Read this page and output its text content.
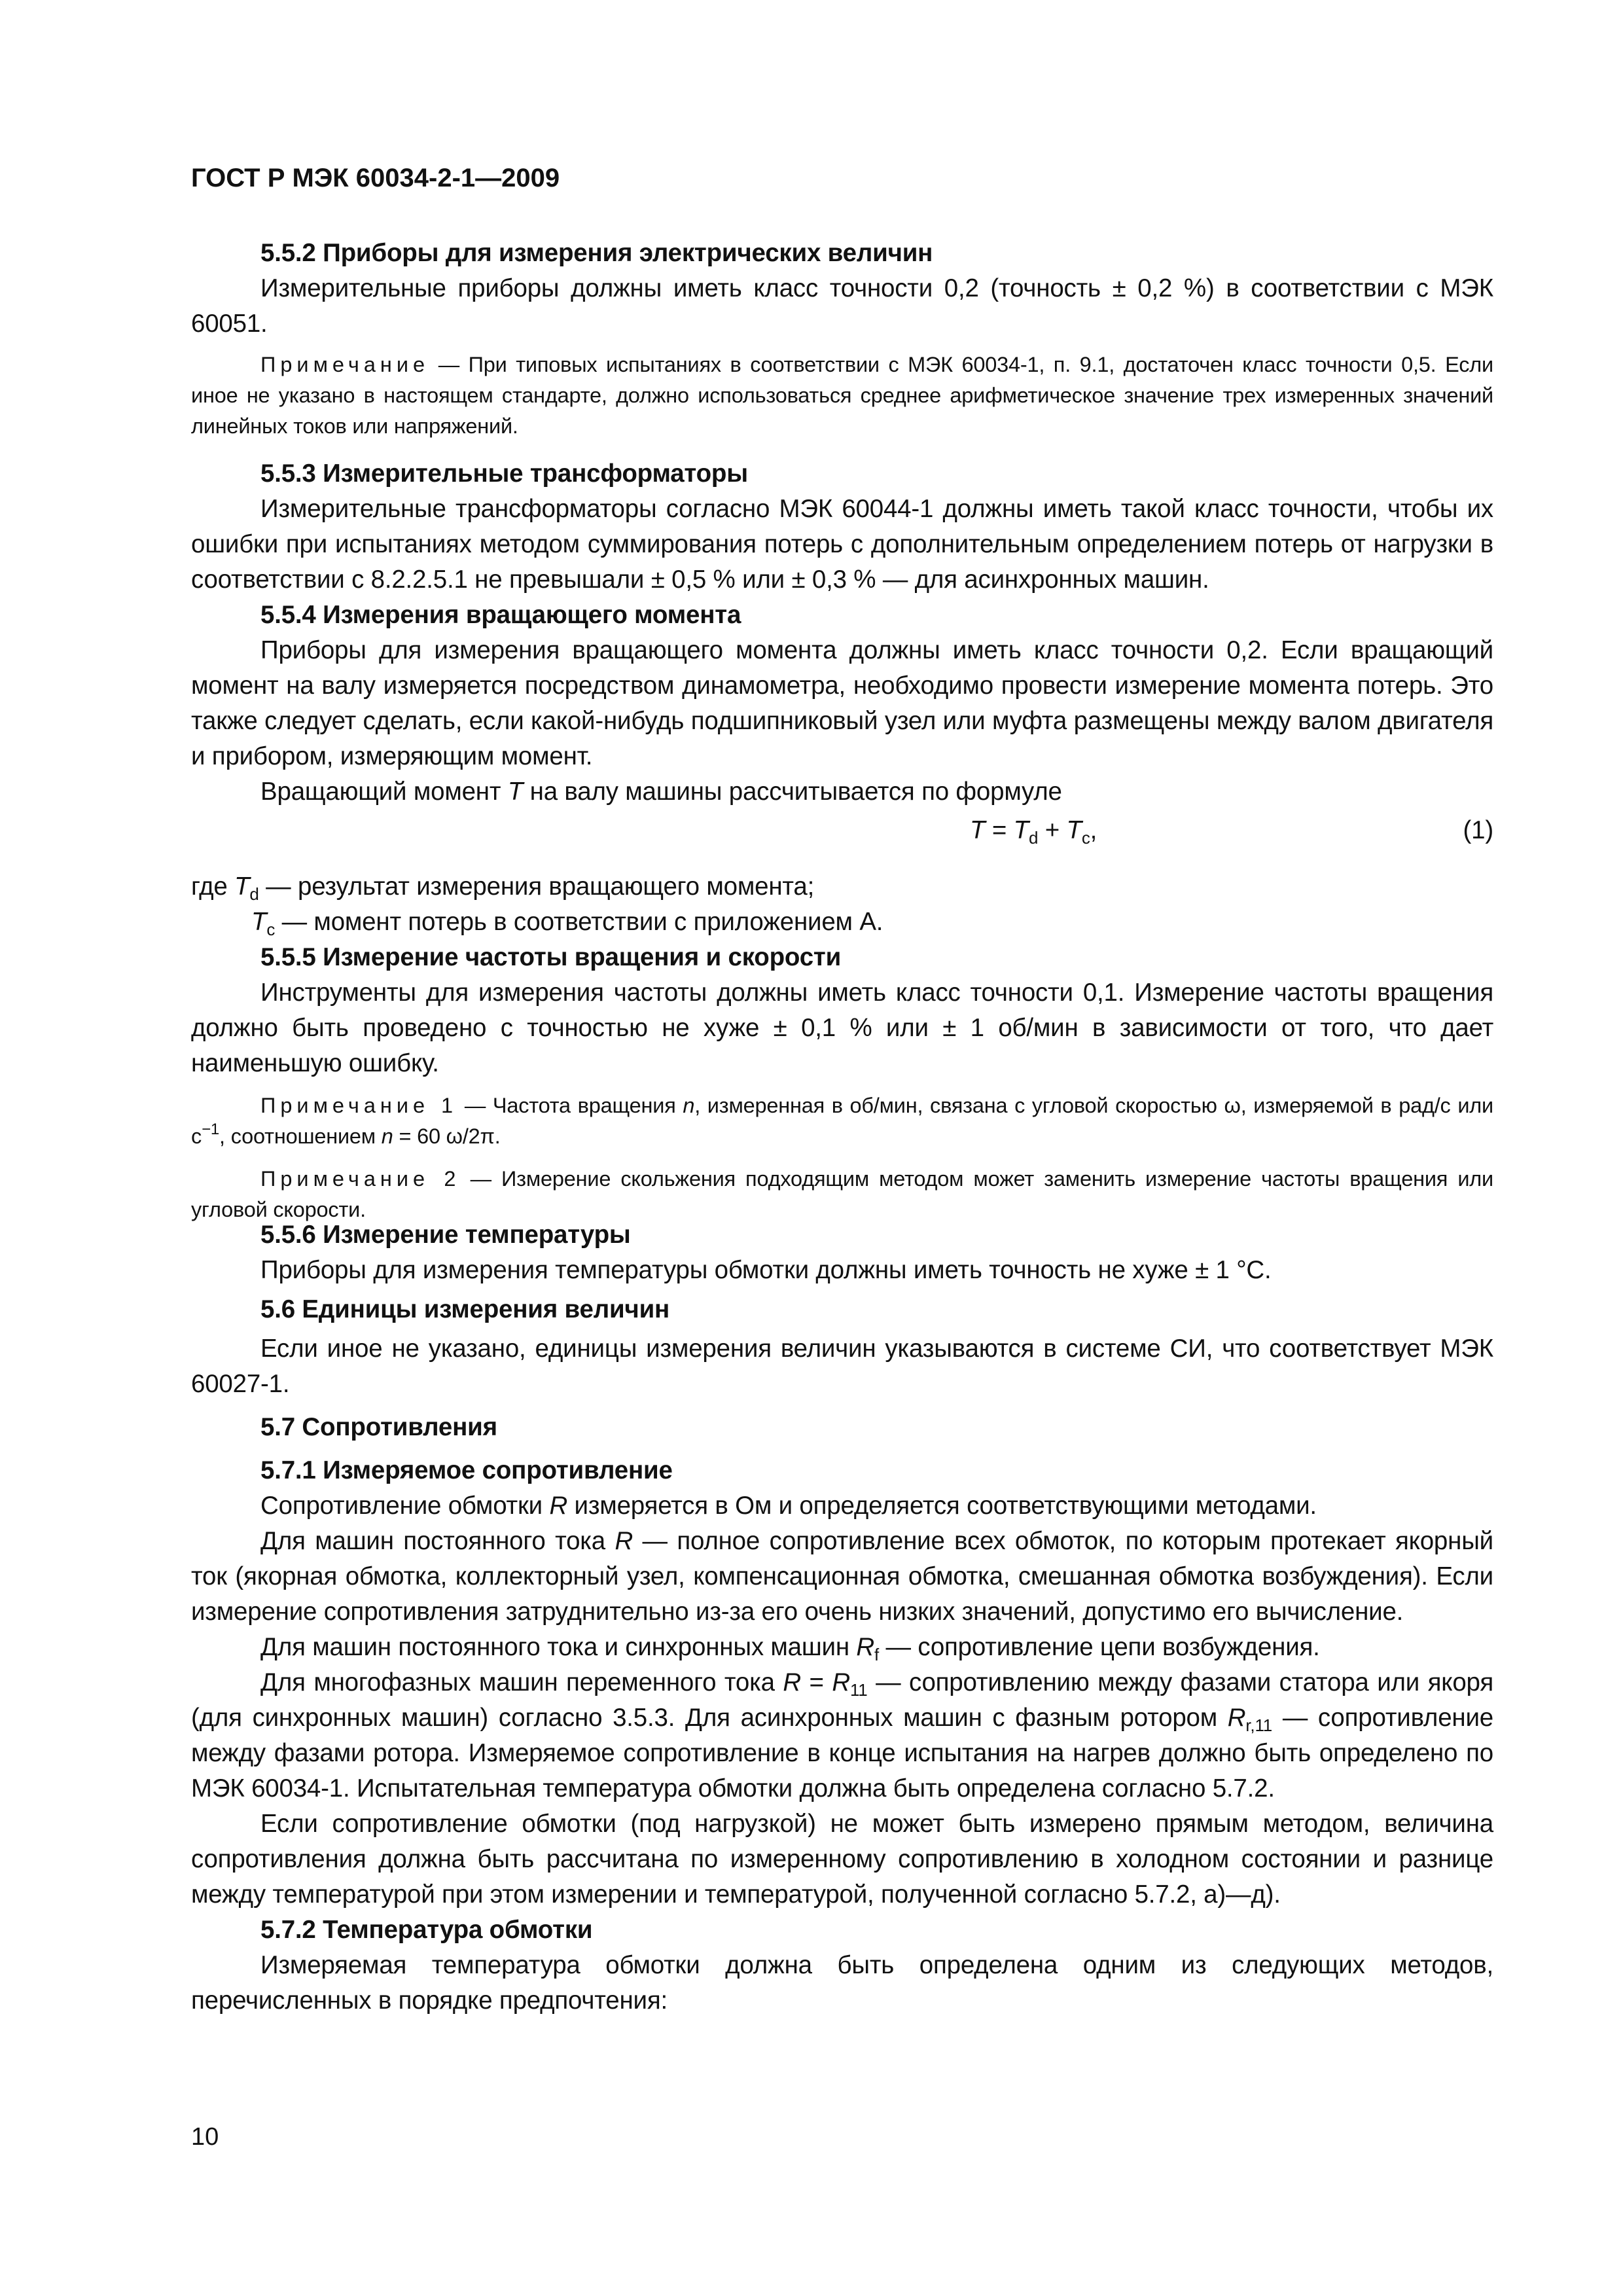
ГОСТ Р МЭК 60034-2-1—2009

5.5.2 Приборы для измерения электрических величин

Измерительные приборы должны иметь класс точности 0,2 (точность ± 0,2 %) в соответствии с МЭК 60051.

Примечание — При типовых испытаниях в соответствии с МЭК 60034-1, п. 9.1, достаточен класс точности 0,5. Если иное не указано в настоящем стандарте, должно использоваться среднее арифметическое значение трех измеренных значений линейных токов или напряжений.

5.5.3 Измерительные трансформаторы

Измерительные трансформаторы согласно МЭК 60044-1 должны иметь такой класс точности, чтобы их ошибки при испытаниях методом суммирования потерь с дополнительным определением потерь от нагрузки в соответствии с 8.2.2.5.1 не превышали ± 0,5 % или ± 0,3 % — для асинхронных машин.

5.5.4 Измерения вращающего момента

Приборы для измерения вращающего момента должны иметь класс точности 0,2. Если вращающий момент на валу измеряется посредством динамометра, необходимо провести измерение момента потерь. Это также следует сделать, если какой-нибудь подшипниковый узел или муфта размещены между валом двигателя и прибором, измеряющим момент.

Вращающий момент T на валу машины рассчитывается по формуле

$T = T_d + T_c$,	(1)

где $T_d$ — результат измерения вращающего момента;

$T_c$ — момент потерь в соответствии с приложением А.

5.5.5 Измерение частоты вращения и скорости

Инструменты для измерения частоты должны иметь класс точности 0,1. Измерение частоты вращения должно быть проведено с точностью не хуже ± 0,1 % или ± 1 об/мин в зависимости от того, что дает наименьшую ошибку.

Примечание 1 — Частота вращения n, измеренная в об/мин, связана с угловой скоростью ω, измеряемой в рад/с или $с^{-1}$, соотношением n = 60 ω/2π.

Примечание 2 — Измерение скольжения подходящим методом может заменить измерение частоты вращения или угловой скорости.

5.5.6 Измерение температуры

Приборы для измерения температуры обмотки должны иметь точность не хуже ± 1 °С.

5.6 Единицы измерения величин

Если иное не указано, единицы измерения величин указываются в системе СИ, что соответствует МЭК 60027-1.

5.7 Сопротивления

5.7.1 Измеряемое сопротивление

Сопротивление обмотки R измеряется в Ом и определяется соответствующими методами.

Для машин постоянного тока R — полное сопротивление всех обмоток, по которым протекает якорный ток (якорная обмотка, коллекторный узел, компенсационная обмотка, смешанная обмотка возбуждения). Если измерение сопротивления затруднительно из-за его очень низких значений, допустимо его вычисление.

Для машин постоянного тока и синхронных машин $R_f$ — сопротивление цепи возбуждения.

Для многофазных машин переменного тока $R = R_{11}$ — сопротивлению между фазами статора или якоря (для синхронных машин) согласно 3.5.3. Для асинхронных машин с фазным ротором $R_{r,11}$ — сопротивление между фазами ротора. Измеряемое сопротивление в конце испытания на нагрев должно быть определено по МЭК 60034-1. Испытательная температура обмотки должна быть определена согласно 5.7.2.

Если сопротивление обмотки (под нагрузкой) не может быть измерено прямым методом, величина сопротивления должна быть рассчитана по измеренному сопротивлению в холодном состоянии и разнице между температурой при этом измерении и температурой, полученной согласно 5.7.2, а)—д).

5.7.2 Температура обмотки

Измеряемая температура обмотки должна быть определена одним из следующих методов, перечисленных в порядке предпочтения:

10
